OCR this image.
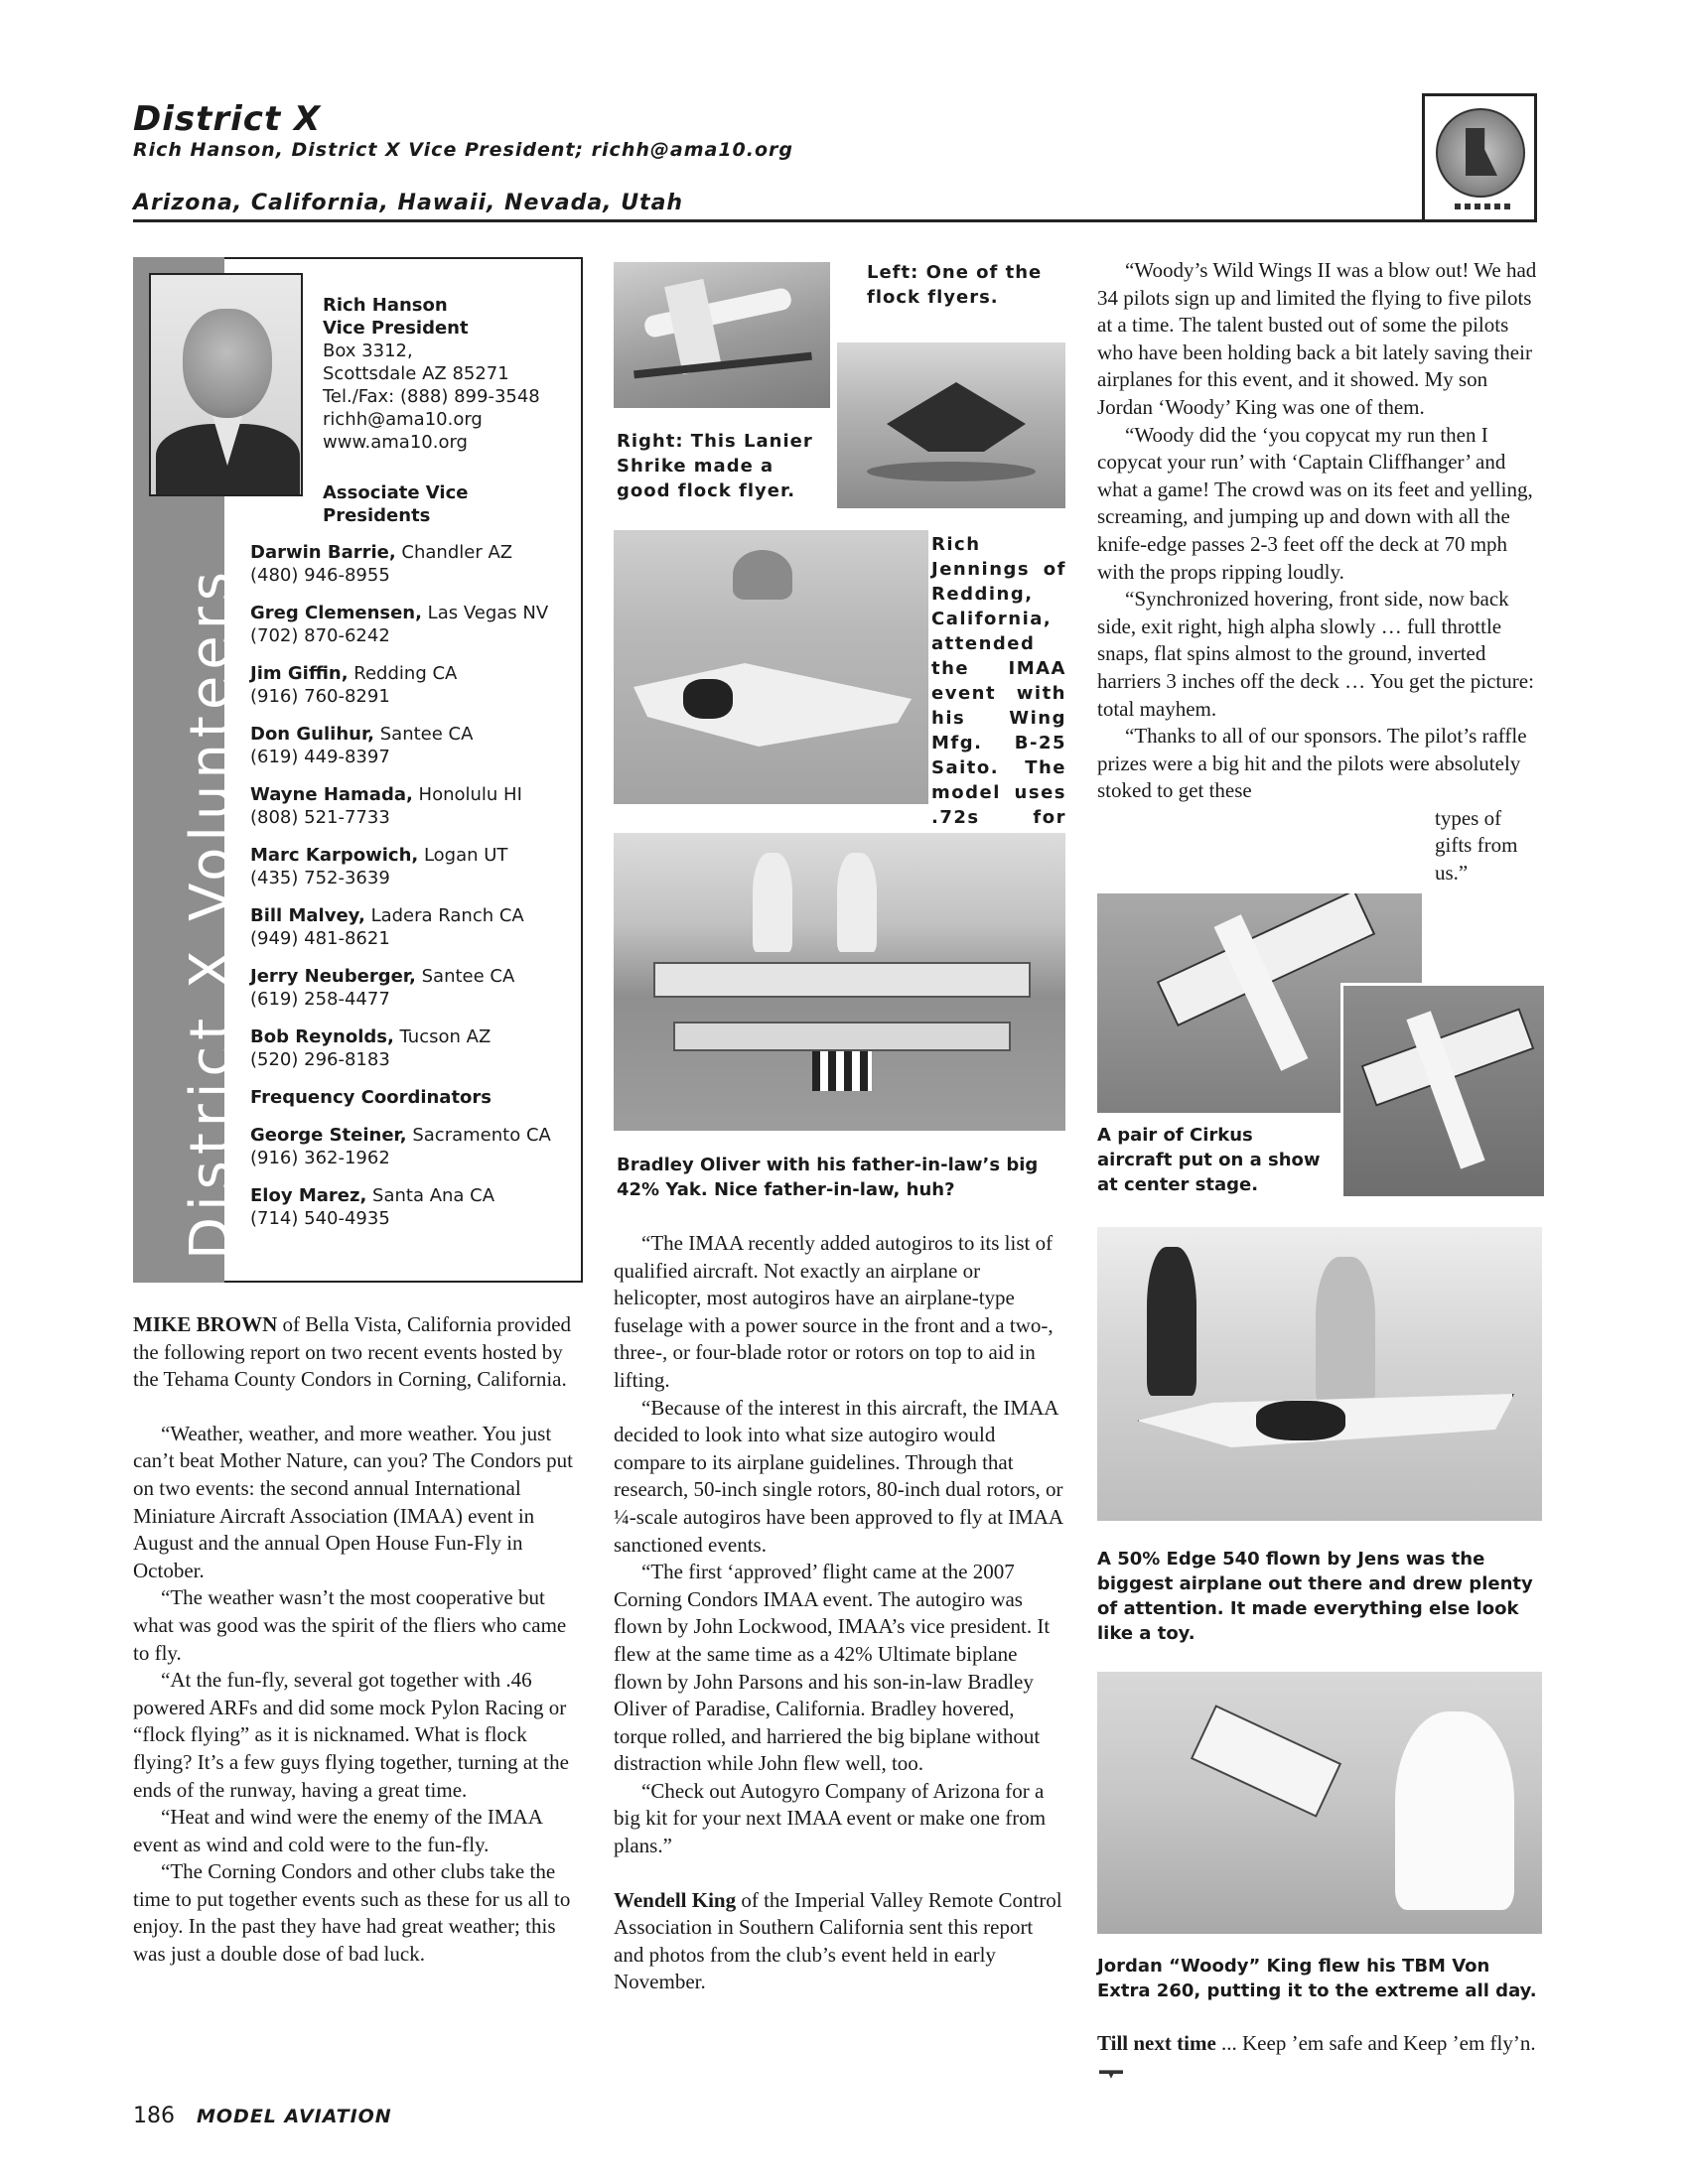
District X
Rich Hanson, District X Vice President; richh@ama10.org
Arizona, California, Hawaii, Nevada, Utah
District X Volunteers
Rich Hanson
Vice President
Box 3312,
Scottsdale AZ 85271
Tel./Fax: (888) 899-3548
richh@ama10.org
www.ama10.org
Associate Vice Presidents
Darwin Barrie, Chandler AZ
(480) 946-8955
Greg Clemensen, Las Vegas NV
(702) 870-6242
Jim Giffin, Redding CA
(916) 760-8291
Don Gulihur, Santee CA
(619) 449-8397
Wayne Hamada, Honolulu HI
(808) 521-7733
Marc Karpowich, Logan UT
(435) 752-3639
Bill Malvey, Ladera Ranch CA
(949) 481-8621
Jerry Neuberger, Santee CA
(619) 258-4477
Bob Reynolds, Tucson AZ
(520) 296-8183
Frequency Coordinators
George Steiner, Sacramento CA
(916) 362-1962
Eloy Marez, Santa Ana CA
(714) 540-4935

MIKE BROWN of Bella Vista, California provided the following report on two recent events hosted by the Tehama County Condors in Corning, California.

“Weather, weather, and more weather. You just can’t beat Mother Nature, can you? The Condors put on two events: the second annual International Miniature Aircraft Association (IMAA) event in August and the annual Open House Fun-Fly in October.

“The weather wasn’t the most cooperative but what was good was the spirit of the fliers who came to fly.

“At the fun-fly, several got together with .46 powered ARFs and did some mock Pylon Racing or “flock flying” as it is nicknamed. What is flock flying? It’s a few guys flying together, turning at the ends of the runway, having a great time.

“Heat and wind were the enemy of the IMAA event as wind and cold were to the fun-fly.

“The Corning Condors and other clubs take the time to put together events such as these for us all to enjoy. In the past they have had great weather; this was just a double dose of bad luck.

Left: One of the flock flyers.
Right: This Lanier Shrike made a good flock flyer.
Rich Jennings of Redding, California, attended the IMAA event with his Wing Mfg. B-25 Saito. The model uses .72s for
Bradley Oliver with his father-in-law’s big 42% Yak. Nice father-in-law, huh?

“The IMAA recently added autogiros to its list of qualified aircraft. Not exactly an airplane or helicopter, most autogiros have an airplane-type fuselage with a power source in the front and a two-, three-, or four-blade rotor or rotors on top to aid in lifting.

“Because of the interest in this aircraft, the IMAA decided to look into what size autogiro would compare to its airplane guidelines. Through that research, 50-inch single rotors, 80-inch dual rotors, or ¼-scale autogiros have been approved to fly at IMAA sanctioned events.

“The first ‘approved’ flight came at the 2007 Corning Condors IMAA event. The autogiro was flown by John Lockwood, IMAA’s vice president. It flew at the same time as a 42% Ultimate biplane flown by John Parsons and his son-in-law Bradley Oliver of Paradise, California. Bradley hovered, torque rolled, and harriered the big biplane without distraction while John flew well, too.

“Check out Autogyro Company of Arizona for a big kit for your next IMAA event or make one from plans.”

Wendell King of the Imperial Valley Remote Control Association in Southern California sent this report and photos from the club’s event held in early November.

“Woody’s Wild Wings II was a blow out! We had 34 pilots sign up and limited the flying to five pilots at a time. The talent busted out of some the pilots who have been holding back a bit lately saving their airplanes for this event, and it showed. My son Jordan ‘Woody’ King was one of them.

“Woody did the ‘you copycat my run then I copycat your run’ with ‘Captain Cliffhanger’ and what a game! The crowd was on its feet and yelling, screaming, and jumping up and down with all the knife-edge passes 2-3 feet off the deck at 70 mph with the props ripping loudly.

“Synchronized hovering, front side, now back side, exit right, high alpha slowly … full throttle snaps, flat spins almost to the ground, inverted harriers 3 inches off the deck … You get the picture: total mayhem.

“Thanks to all of our sponsors. The pilot’s raffle prizes were a big hit and the pilots were absolutely stoked to get these

types of gifts from us.”

A pair of Cirkus aircraft put on a show at center stage.
A 50% Edge 540 flown by Jens was the biggest airplane out there and drew plenty of attention. It made everything else look like a toy.
Jordan “Woody” King flew his TBM Von Extra 260, putting it to the extreme all day.
Till next time ... Keep ’em safe and Keep ’em fly’n.
186 MODEL AVIATION
